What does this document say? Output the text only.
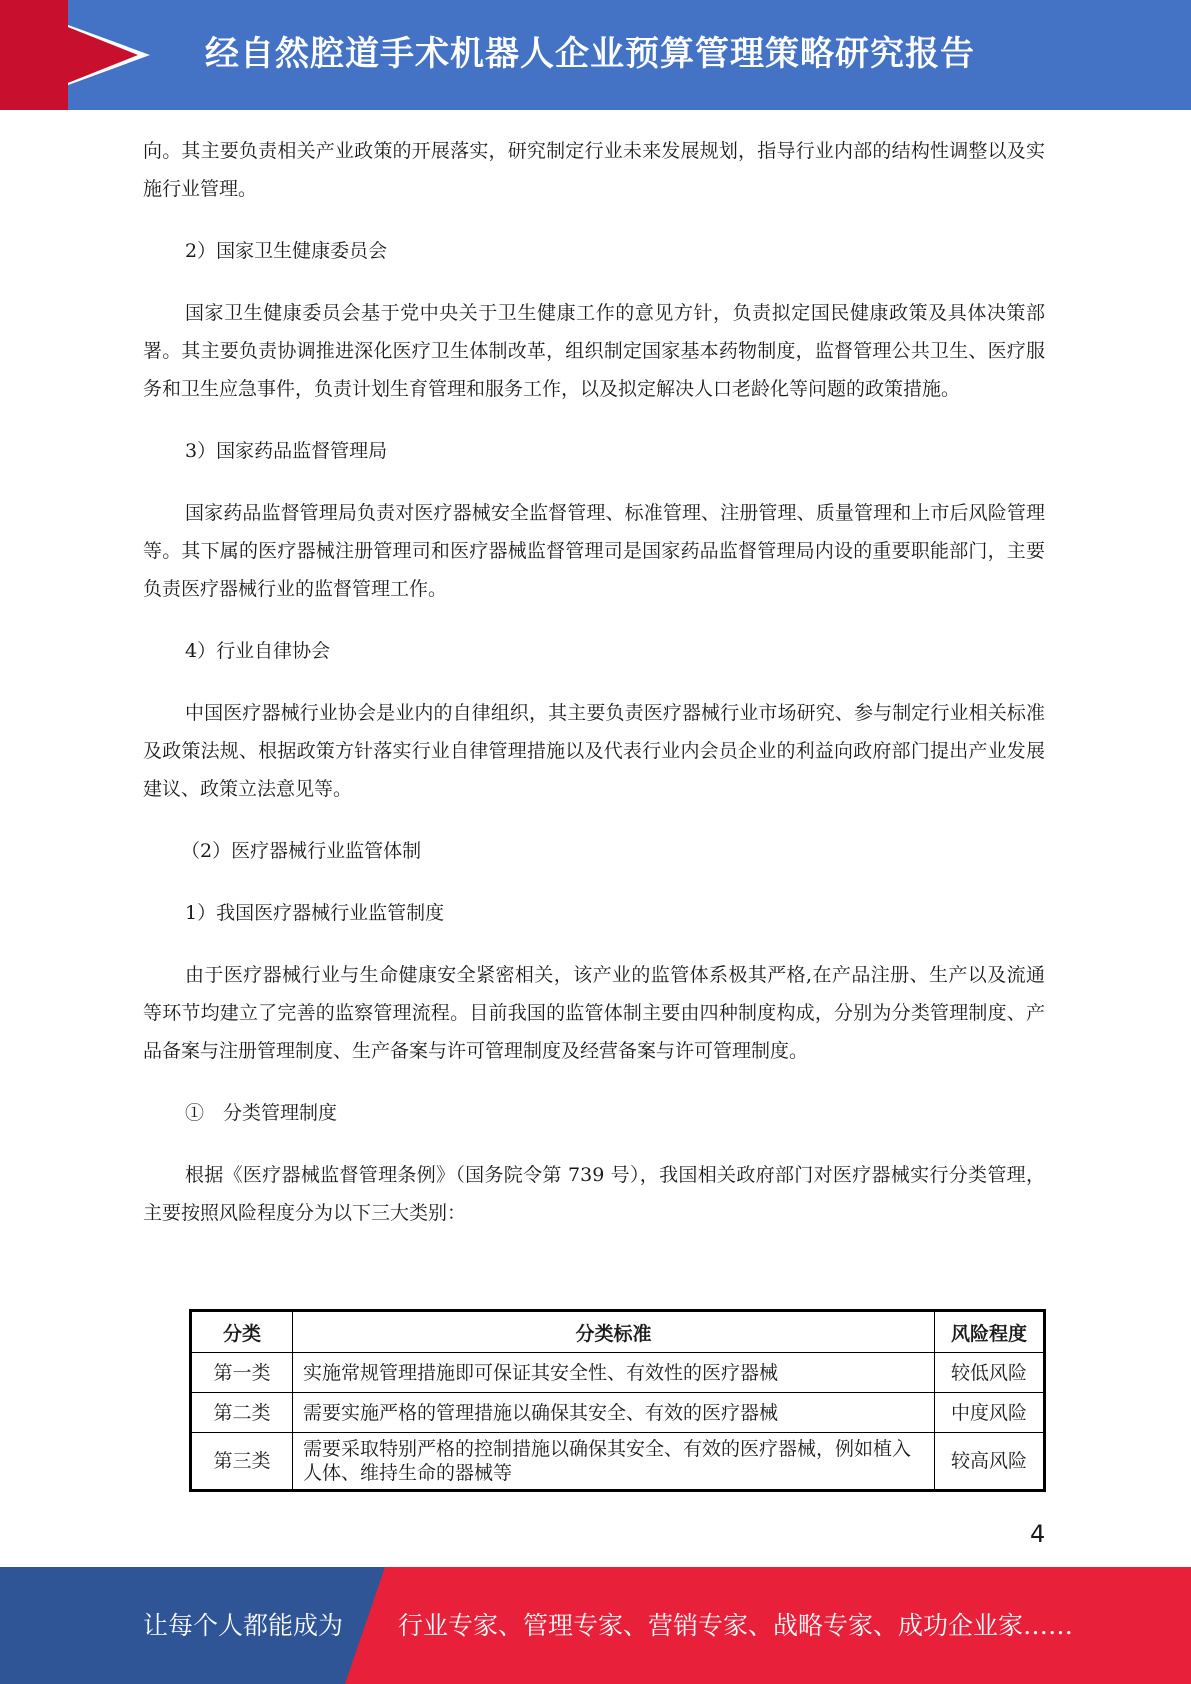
经自然腔道手术机器人企业预算管理策略研究报告

向。其主要负责相关产业政策的开展落实，研究制定行业未来发展规划，指导行业内部的结构性调整以及实施行业管理。

2）国家卫生健康委员会

国家卫生健康委员会基于党中央关于卫生健康工作的意见方针，负责拟定国民健康政策及具体决策部署。其主要负责协调推进深化医疗卫生体制改革，组织制定国家基本药物制度，监督管理公共卫生、医疗服务和卫生应急事件，负责计划生育管理和服务工作，以及拟定解决人口老龄化等问题的政策措施。

3）国家药品监督管理局

国家药品监督管理局负责对医疗器械安全监督管理、标准管理、注册管理、质量管理和上市后风险管理等。其下属的医疗器械注册管理司和医疗器械监督管理司是国家药品监督管理局内设的重要职能部门，主要负责医疗器械行业的监督管理工作。

4）行业自律协会

中国医疗器械行业协会是业内的自律组织，其主要负责医疗器械行业市场研究、参与制定行业相关标准及政策法规、根据政策方针落实行业自律管理措施以及代表行业内会员企业的利益向政府部门提出产业发展建议、政策立法意见等。

（2）医疗器械行业监管体制

1）我国医疗器械行业监管制度

由于医疗器械行业与生命健康安全紧密相关，该产业的监管体系极其严格,在产品注册、生产以及流通等环节均建立了完善的监察管理流程。目前我国的监管体制主要由四种制度构成，分别为分类管理制度、产品备案与注册管理制度、生产备案与许可管理制度及经营备案与许可管理制度。

①　分类管理制度

根据《医疗器械监督管理条例》（国务院令第 739 号），我国相关政府部门对医疗器械实行分类管理，主要按照风险程度分为以下三大类别：

分类	分类标准	风险程度
第一类	实施常规管理措施即可保证其安全性、有效性的医疗器械	较低风险
第二类	需要实施严格的管理措施以确保其安全、有效的医疗器械	中度风险
第三类	需要采取特别严格的控制措施以确保其安全、有效的医疗器械，例如植入人体、维持生命的器械等	较高风险
4
让每个人都能成为 行业专家、管理专家、营销专家、战略专家、成功企业家……
